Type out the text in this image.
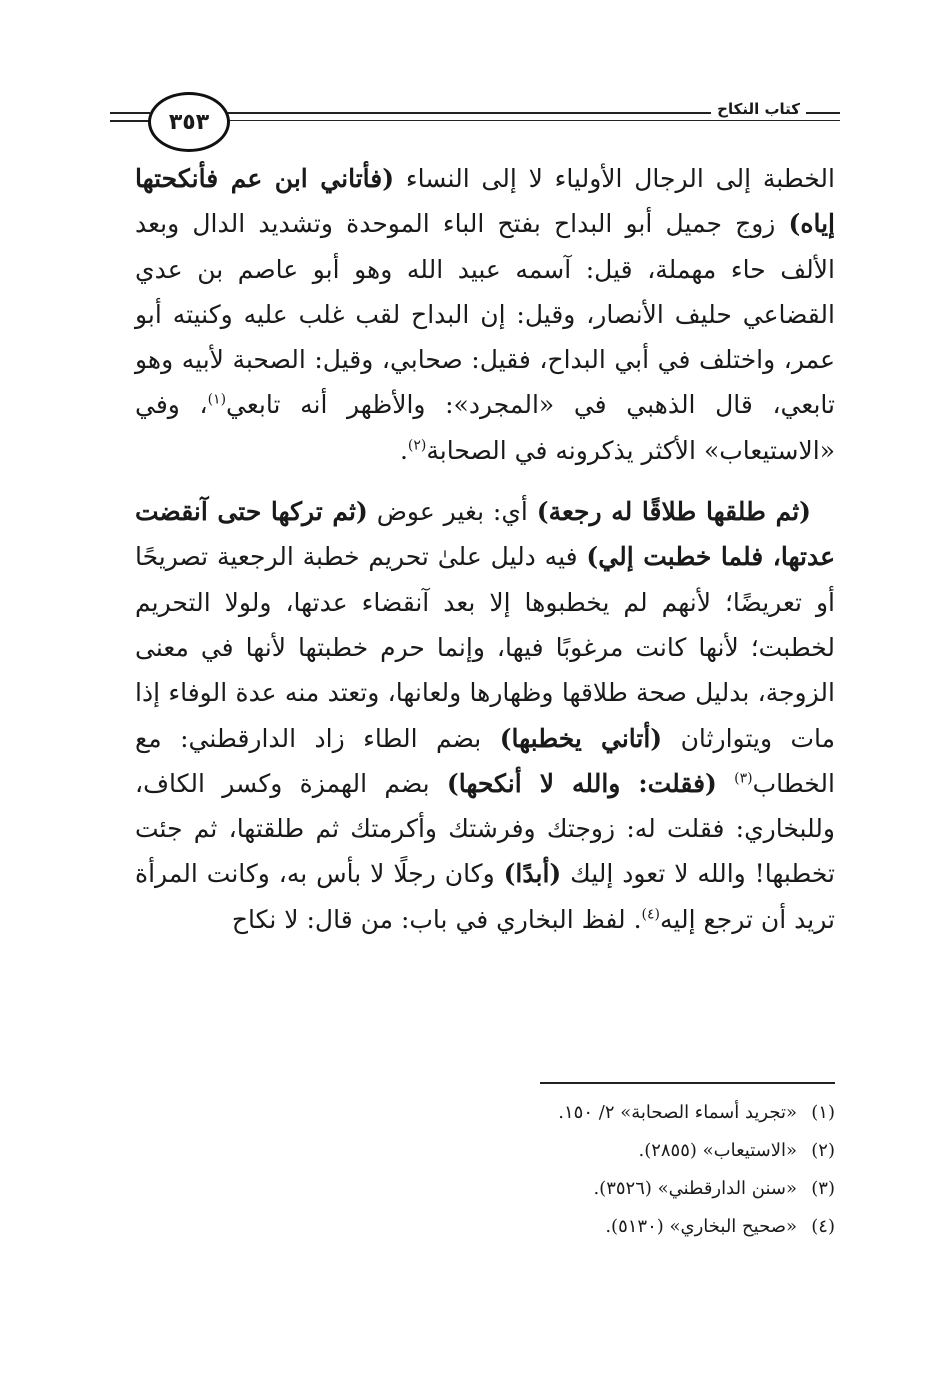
٣٥٣
كتاب النكاح

الخطبة إلى الرجال الأولياء لا إلى النساء (فأتاني ابن عم فأنكحتها إياه) زوج جميل أبو البداح بفتح الباء الموحدة وتشديد الدال وبعد الألف حاء مهملة، قيل: آسمه عبيد الله وهو أبو عاصم بن عدي القضاعي حليف الأنصار، وقيل: إن البداح لقب غلب عليه وكنيته أبو عمر، واختلف في أبي البداح، فقيل: صحابي، وقيل: الصحبة لأبيه وهو تابعي، قال الذهبي في «المجرد»: والأظهر أنه تابعي$^{(١)}$، وفي «الاستيعاب» الأكثر يذكرونه في الصحابة$^{(٢)}$.

(ثم طلقها طلاقًا له رجعة) أي: بغير عوض (ثم تركها حتى آنقضت عدتها، فلما خطبت إلي) فيه دليل علىٰ تحريم خطبة الرجعية تصريحًا أو تعريضًا؛ لأنهم لم يخطبوها إلا بعد آنقضاء عدتها، ولولا التحريم لخطبت؛ لأنها كانت مرغوبًا فيها، وإنما حرم خطبتها لأنها في معنى الزوجة، بدليل صحة طلاقها وظهارها ولعانها، وتعتد منه عدة الوفاء إذا مات ويتوارثان (أتاني يخطبها) بضم الطاء زاد الدارقطني: مع الخطاب$^{(٣)}$ (فقلت: والله لا أنكحها) بضم الهمزة وكسر الكاف، وللبخاري: فقلت له: زوجتك وفرشتك وأكرمتك ثم طلقتها، ثم جئت تخطبها! والله لا تعود إليك (أبدًا) وكان رجلًا لا بأس به، وكانت المرأة تريد أن ترجع إليه$^{(٤)}$. لفظ البخاري في باب: من قال: لا نكاح

(١)
«تجريد أسماء الصحابة» ٢/ ١٥٠.
(٢)
«الاستيعاب» (٢٨٥٥).
(٣)
«سنن الدارقطني» (٣٥٢٦).
(٤)
«صحيح البخاري» (٥١٣٠).
